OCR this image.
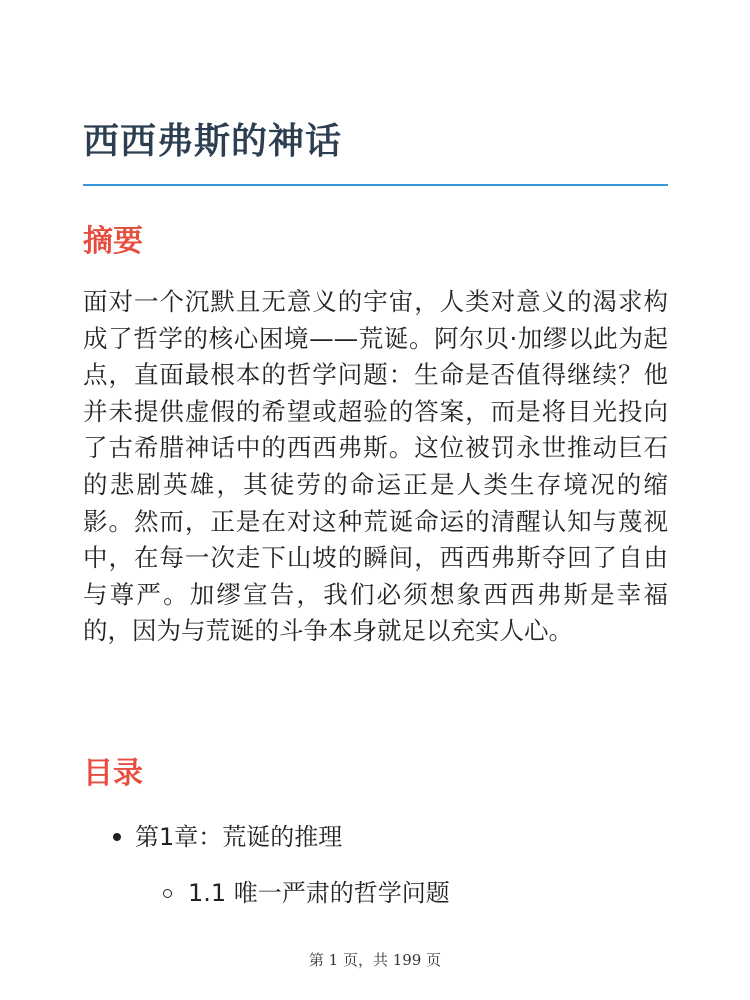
西西弗斯的神话
摘要

面对一个沉默且无意义的宇宙，人类对意义的渴求构成了哲学的核心困境——荒诞。阿尔贝·加缪以此为起点，直面最根本的哲学问题：生命是否值得继续？他并未提供虚假的希望或超验的答案，而是将目光投向了古希腊神话中的西西弗斯。这位被罚永世推动巨石的悲剧英雄，其徒劳的命运正是人类生存境况的缩影。然而，正是在对这种荒诞命运的清醒认知与蔑视中，在每一次走下山坡的瞬间，西西弗斯夺回了自由与尊严。加缪宣告，我们必须想象西西弗斯是幸福的，因为与荒诞的斗争本身就足以充实人心。

目录
第1章：荒诞的推理
1.1 唯一严肃的哲学问题
第 1 页，共 199 页
